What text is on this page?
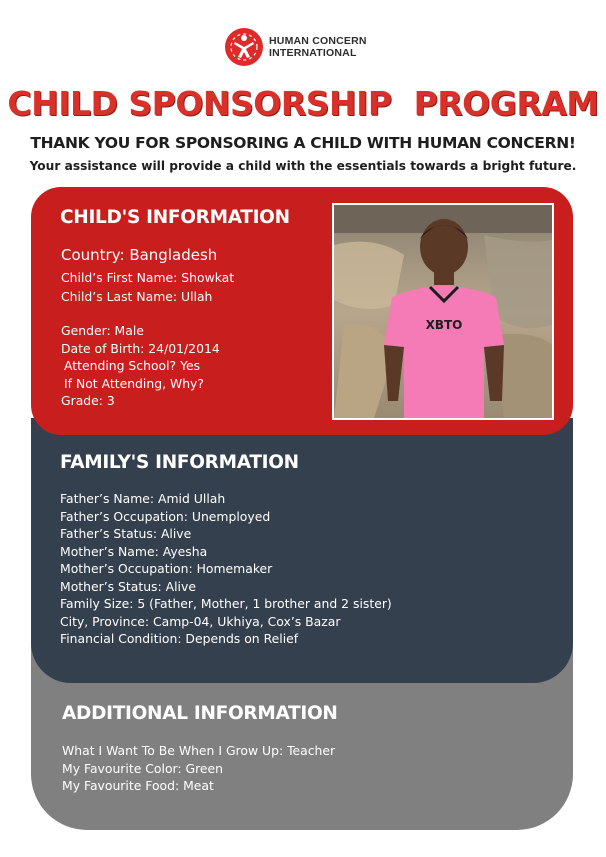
HUMAN CONCERN
INTERNATIONAL
CHILD SPONSORSHIP  PROGRAM
THANK YOU FOR SPONSORING A CHILD WITH HUMAN CONCERN!
Your assistance will provide a child with the essentials towards a bright future.
CHILD'S INFORMATION
Country: Bangladesh
Child’s First Name: Showkat
Child’s Last Name: Ullah
Gender: Male
Date of Birth: 24/01/2014
Attending School? Yes
If Not Attending, Why?
Grade: 3
XBTO
FAMILY'S INFORMATION
Father’s Name: Amid Ullah
Father’s Occupation: Unemployed
Father’s Status: Alive
Mother’s Name: Ayesha
Mother’s Occupation: Homemaker
Mother’s Status: Alive
Family Size: 5 (Father, Mother, 1 brother and 2 sister)
City, Province: Camp-04, Ukhiya, Cox’s Bazar
Financial Condition: Depends on Relief
ADDITIONAL INFORMATION
What I Want To Be When I Grow Up: Teacher
My Favourite Color: Green
My Favourite Food: Meat
